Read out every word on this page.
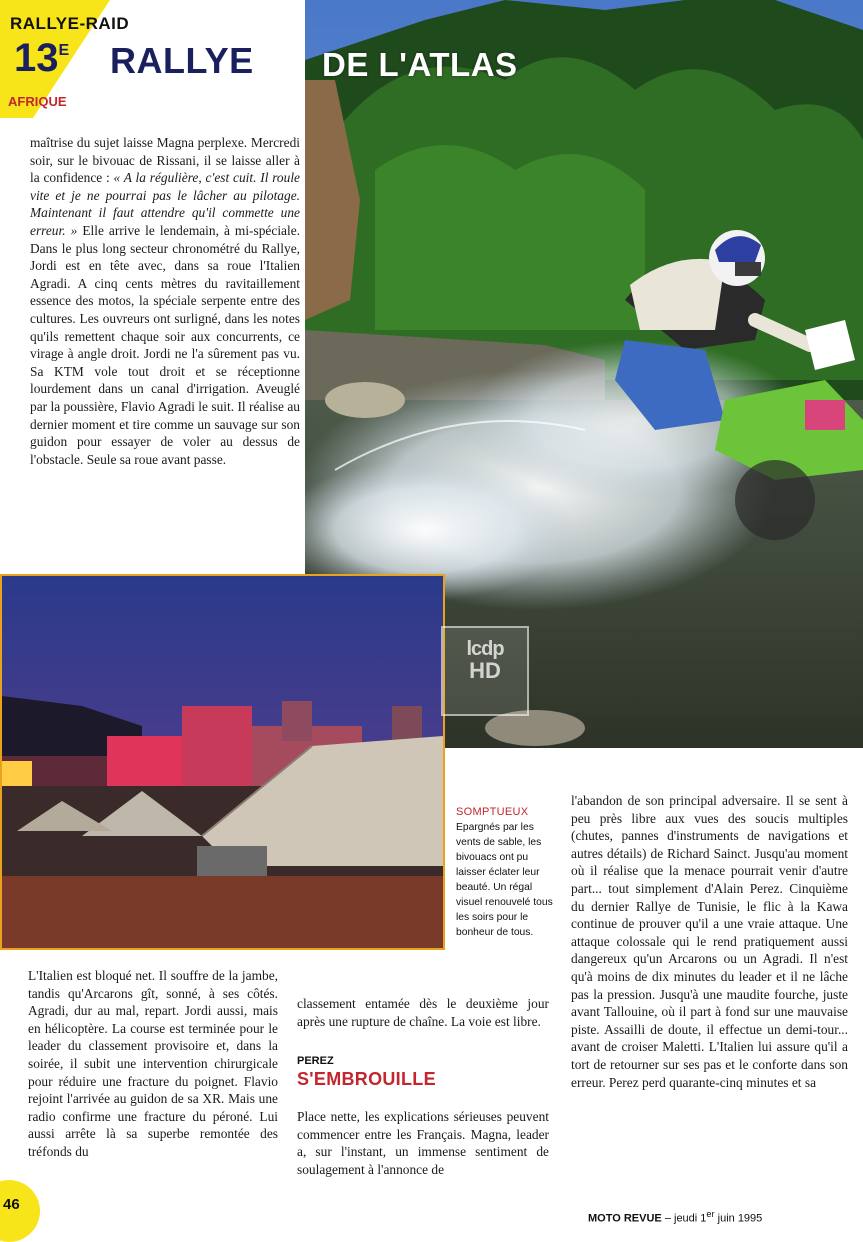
RALLYE-RAID
$13^E$ RALLYE
AFRIQUE
DE L'ATLAS
lcdp
HD

maîtrise du sujet laisse Magna perplexe. Mercredi soir, sur le bivouac de Rissani, il se laisse aller à la confidence : « A la régulière, c'est cuit. Il roule vite et je ne pourrai pas le lâcher au pilotage. Maintenant il faut attendre qu'il commette une erreur. » Elle arrive le lendemain, à mi-spéciale. Dans le plus long secteur chronométré du Rallye, Jordi est en tête avec, dans sa roue l'Italien Agradi. A cinq cents mètres du ravitaillement essence des motos, la spéciale serpente entre des cultures. Les ouvreurs ont surligné, dans les notes qu'ils remettent chaque soir aux concurrents, ce virage à angle droit. Jordi ne l'a sûrement pas vu. Sa KTM vole tout droit et se réceptionne lourdement dans un canal d'irrigation. Aveuglé par la poussière, Flavio Agradi le suit. Il réalise au dernier moment et tire comme un sauvage sur son guidon pour essayer de voler au dessus de l'obstacle. Seule sa roue avant passe.

SOMPTUEUX
Epargnés par les vents de sable, les bivouacs ont pu laisser éclater leur beauté. Un régal visuel renouvelé tous les soirs pour le bonheur de tous.

L'Italien est bloqué net. Il souffre de la jambe, tandis qu'Arcarons gît, sonné, à ses côtés. Agradi, dur au mal, repart. Jordi aussi, mais en hélicoptère. La course est terminée pour le leader du classement provisoire et, dans la soirée, il subit une intervention chirurgicale pour réduire une fracture du poignet. Flavio rejoint l'arrivée au guidon de sa XR. Mais une radio confirme une fracture du péroné. Lui aussi arrête là sa superbe remontée des tréfonds du

classement entamée dès le deuxième jour après une rupture de chaîne. La voie est libre.

PEREZ
S'EMBROUILLE

Place nette, les explications sérieuses peuvent commencer entre les Français. Magna, leader a, sur l'instant, un immense sentiment de soulagement à l'annonce de

l'abandon de son principal adversaire. Il se sent à peu près libre aux vues des soucis multiples (chutes, pannes d'instruments de navigations et autres détails) de Richard Sainct. Jusqu'au moment où il réalise que la menace pourrait venir d'autre part... tout simplement d'Alain Perez. Cinquième du dernier Rallye de Tunisie, le flic à la Kawa continue de prouver qu'il a une vraie attaque. Une attaque colossale qui le rend pratiquement aussi dangereux qu'un Arcarons ou un Agradi. Il n'est qu'à moins de dix minutes du leader et il ne lâche pas la pression. Jusqu'à une maudite fourche, juste avant Tallouine, où il part à fond sur une mauvaise piste. Assailli de doute, il effectue un demi-tour... avant de croiser Maletti. L'Italien lui assure qu'il a tort de retourner sur ses pas et le conforte dans son erreur. Perez perd quarante-cinq minutes et sa

46
MOTO REVUE – jeudi 1er juin 1995
